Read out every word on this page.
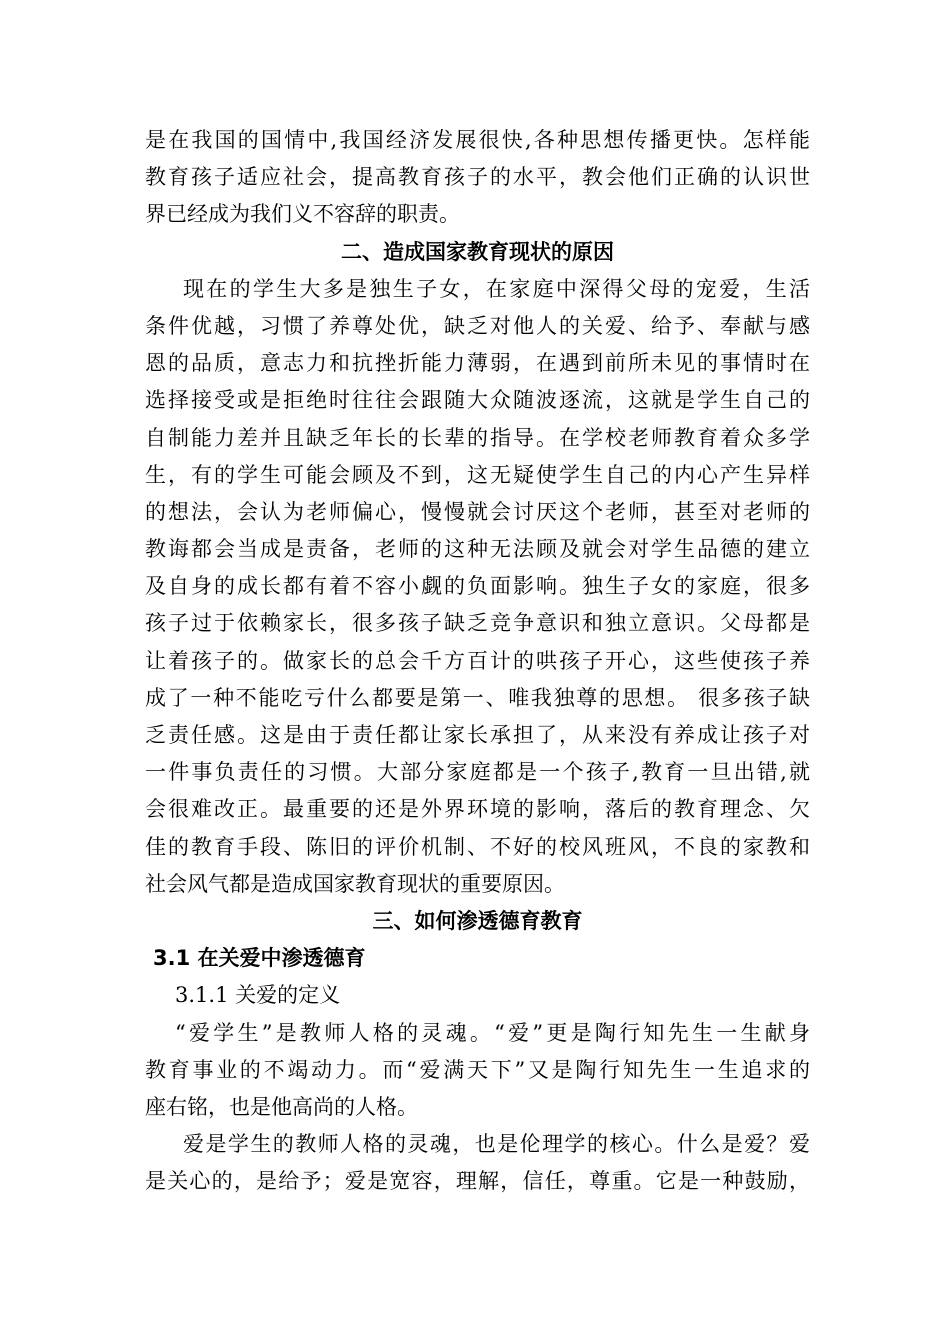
是在我国的国情中,我国经济发展很快,各种思想传播更快。怎样能
教育孩子适应社会，提高教育孩子的水平，教会他们正确的认识世
界已经成为我们义不容辞的职责。
二、造成国家教育现状的原因
现在的学生大多是独生子女，在家庭中深得父母的宠爱，生活
条件优越，习惯了养尊处优，缺乏对他人的关爱、给予、奉献与感
恩的品质，意志力和抗挫折能力薄弱，在遇到前所未见的事情时在
选择接受或是拒绝时往往会跟随大众随波逐流，这就是学生自己的
自制能力差并且缺乏年长的长辈的指导。在学校老师教育着众多学
生，有的学生可能会顾及不到，这无疑使学生自己的内心产生异样
的想法，会认为老师偏心，慢慢就会讨厌这个老师，甚至对老师的
教诲都会当成是责备，老师的这种无法顾及就会对学生品德的建立
及自身的成长都有着不容小觑的负面影响。独生子女的家庭，很多
孩子过于依赖家长，很多孩子缺乏竞争意识和独立意识。父母都是
让着孩子的。做家长的总会千方百计的哄孩子开心，这些使孩子养
成了一种不能吃亏什么都要是第一、唯我独尊的思想。 很多孩子缺
乏责任感。这是由于责任都让家长承担了，从来没有养成让孩子对
一件事负责任的习惯。大部分家庭都是一个孩子,教育一旦出错,就
会很难改正。最重要的还是外界环境的影响，落后的教育理念、欠
佳的教育手段、陈旧的评价机制、不好的校风班风，不良的家教和
社会风气都是造成国家教育现状的重要原因。
三、如何渗透德育教育
3.1 在关爱中渗透德育
3.1.1 关爱的定义
“爱学生”是教师人格的灵魂。“爱”更是陶行知先生一生献身
教育事业的不竭动力。而“爱满天下”又是陶行知先生一生追求的
座右铭，也是他高尚的人格。
爱是学生的教师人格的灵魂，也是伦理学的核心。什么是爱？爱
是关心的，是给予；爱是宽容，理解，信任，尊重。它是一种鼓励，
